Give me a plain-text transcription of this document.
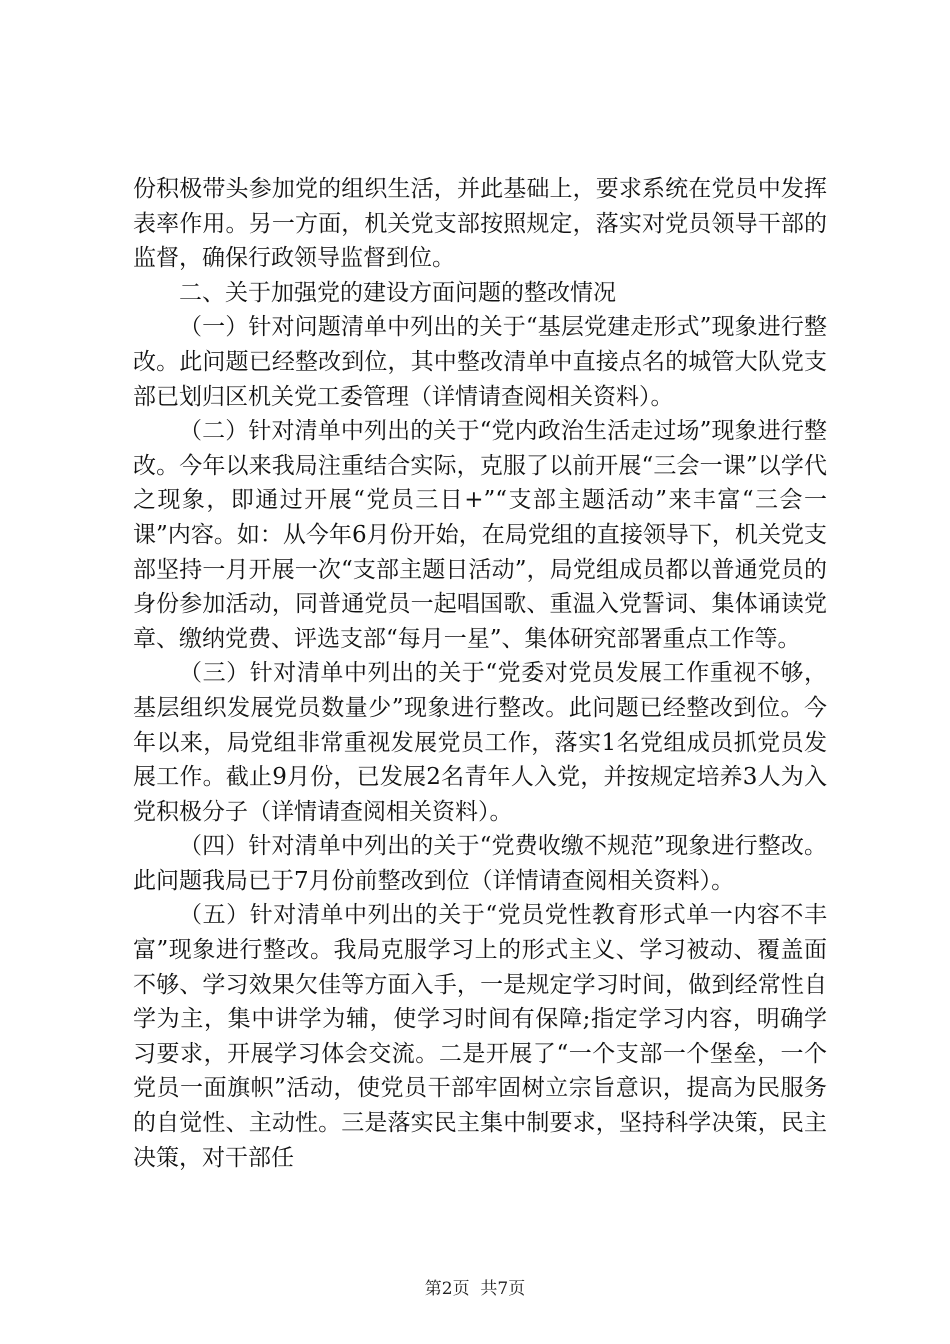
份积极带头参加党的组织生活，并此基础上，要求系统在党员中发挥表率作用。另一方面，机关党支部按照规定，落实对党员领导干部的监督，确保行政领导监督到位。

二、关于加强党的建设方面问题的整改情况

（一）针对问题清单中列出的关于“基层党建走形式”现象进行整改。此问题已经整改到位，其中整改清单中直接点名的城管大队党支部已划归区机关党工委管理（详情请查阅相关资料）。

（二）针对清单中列出的关于“党内政治生活走过场”现象进行整改。今年以来我局注重结合实际，克服了以前开展“三会一课”以学代之现象，即通过开展“党员三日+”“支部主题活动”来丰富“三会一课”内容。如：从今年6月份开始，在局党组的直接领导下，机关党支部坚持一月开展一次“支部主题日活动”，局党组成员都以普通党员的身份参加活动，同普通党员一起唱国歌、重温入党誓词、集体诵读党章、缴纳党费、评选支部“每月一星”、集体研究部署重点工作等。

（三）针对清单中列出的关于“党委对党员发展工作重视不够，基层组织发展党员数量少”现象进行整改。此问题已经整改到位。今年以来，局党组非常重视发展党员工作，落实1名党组成员抓党员发展工作。截止9月份，已发展2名青年人入党，并按规定培养3人为入党积极分子（详情请查阅相关资料）。

（四）针对清单中列出的关于“党费收缴不规范”现象进行整改。此问题我局已于7月份前整改到位（详情请查阅相关资料）。

（五）针对清单中列出的关于“党员党性教育形式单一内容不丰富”现象进行整改。我局克服学习上的形式主义、学习被动、覆盖面不够、学习效果欠佳等方面入手，一是规定学习时间，做到经常性自学为主，集中讲学为辅，使学习时间有保障;指定学习内容，明确学习要求，开展学习体会交流。二是开展了“一个支部一个堡垒，一个党员一面旗帜”活动，使党员干部牢固树立宗旨意识，提高为民服务的自觉性、主动性。三是落实民主集中制要求，坚持科学决策，民主决策，对干部任

第2页 共7页
